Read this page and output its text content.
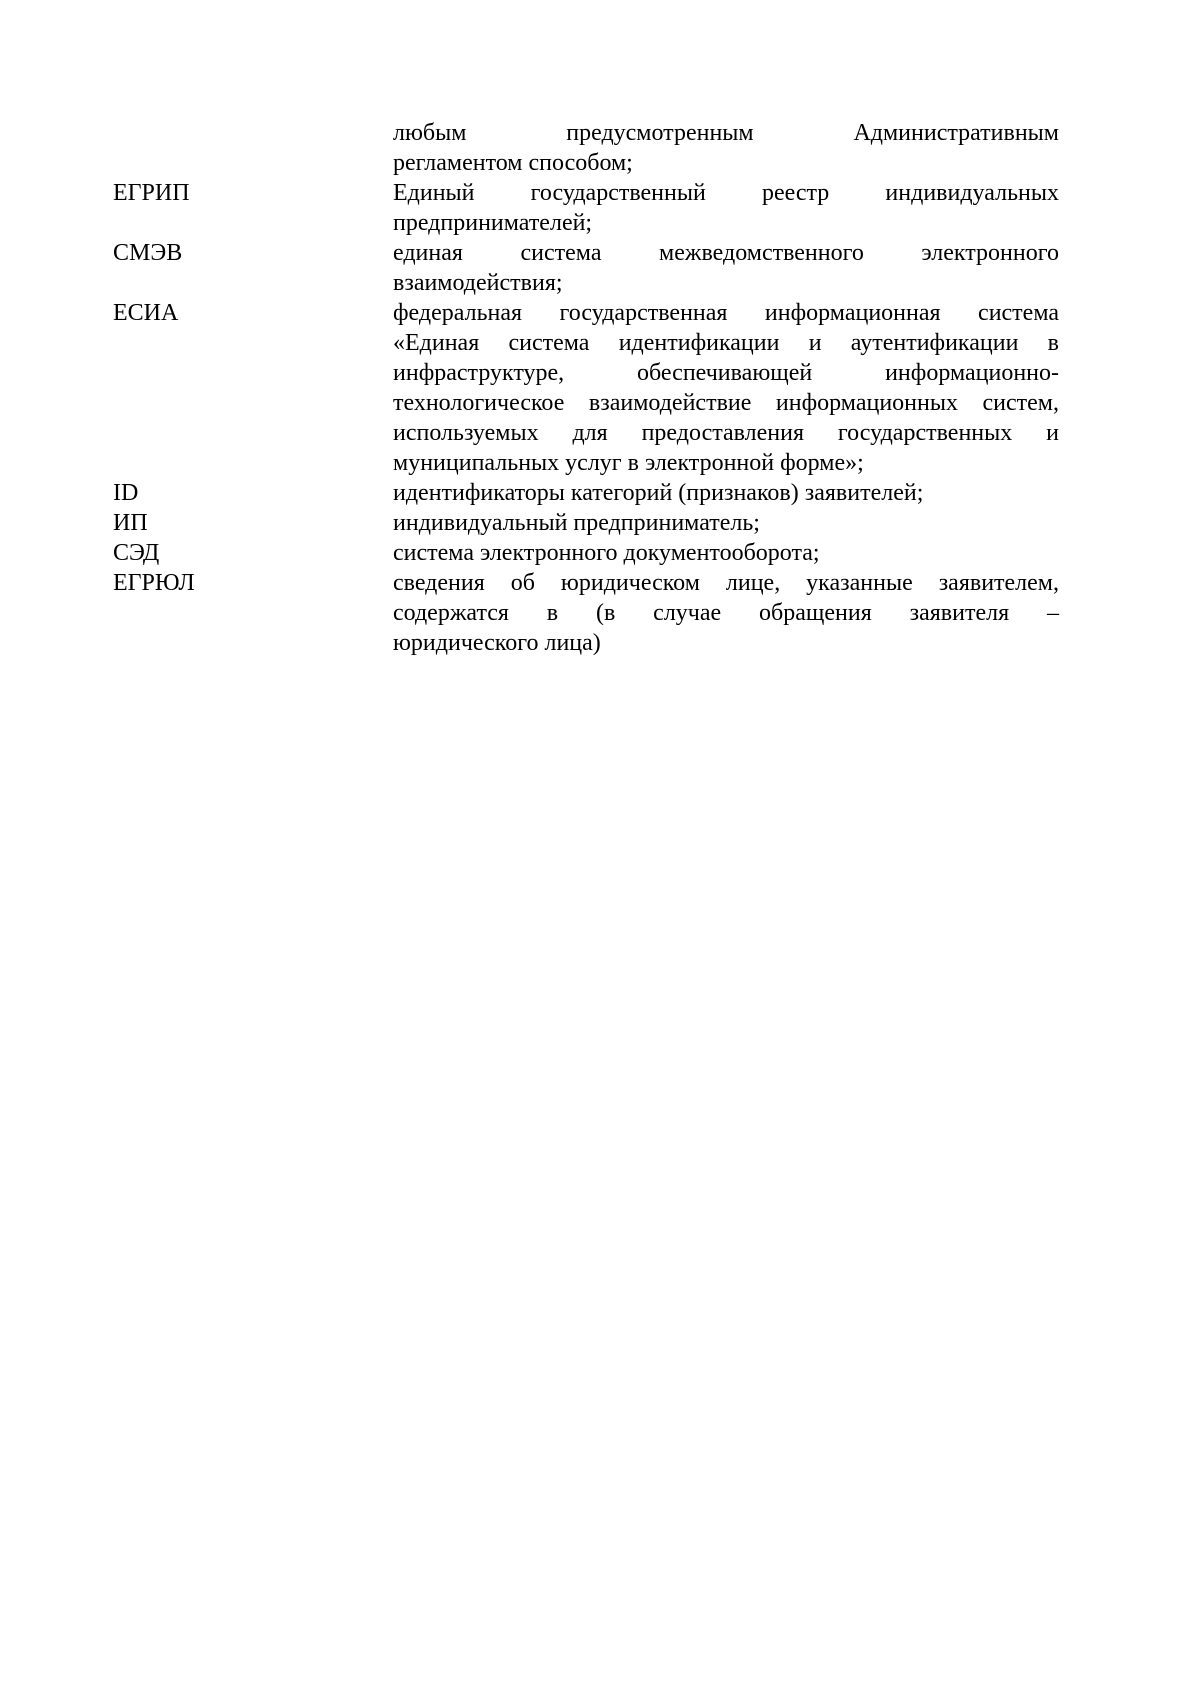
любым предусмотренным Административным
регламентом способом;
ЕГРИП	Единый государственный реестр индивидуальных
предпринимателей;
СМЭВ	единая система межведомственного электронного
взаимодействия;
ЕСИА	федеральная государственная информационная система
«Единая система идентификации и аутентификации в
инфраструктуре, обеспечивающей информационно-
технологическое взаимодействие информационных систем,
используемых для предоставления государственных и
муниципальных услуг в электронной форме»;
ID	идентификаторы категорий (признаков) заявителей;
ИП	индивидуальный предприниматель;
СЭД	система электронного документооборота;
ЕГРЮЛ	сведения об юридическом лице, указанные заявителем,
содержатся в (в случае обращения заявителя –
юридического лица)
